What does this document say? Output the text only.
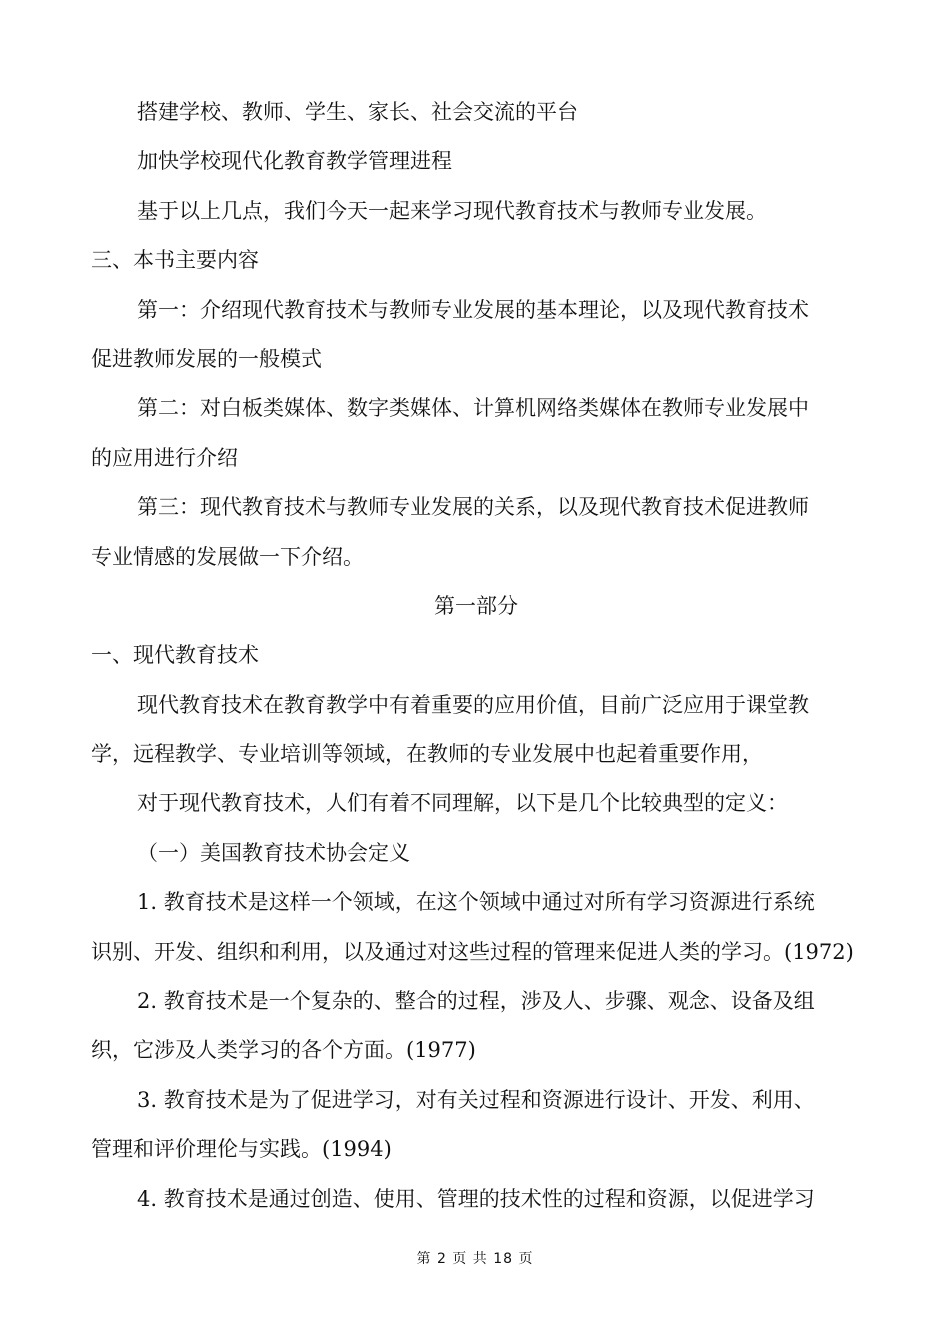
搭建学校、教师、学生、家长、社会交流的平台
加快学校现代化教育教学管理进程
基于以上几点，我们今天一起来学习现代教育技术与教师专业发展。
三、本书主要内容
第一：介绍现代教育技术与教师专业发展的基本理论，以及现代教育技术
促进教师发展的一般模式
第二：对白板类媒体、数字类媒体、计算机网络类媒体在教师专业发展中
的应用进行介绍
第三：现代教育技术与教师专业发展的关系，以及现代教育技术促进教师
专业情感的发展做一下介绍。
第一部分
一、现代教育技术
现代教育技术在教育教学中有着重要的应用价值，目前广泛应用于课堂教
学，远程教学、专业培训等领域，在教师的专业发展中也起着重要作用，
对于现代教育技术，人们有着不同理解，以下是几个比较典型的定义：
（一）美国教育技术协会定义
1. 教育技术是这样一个领域，在这个领域中通过对所有学习资源进行系统
识别、开发、组织和利用，以及通过对这些过程的管理来促进人类的学习。(1972)
2. 教育技术是一个复杂的、整合的过程，涉及人、步骤、观念、设备及组
织，它涉及人类学习的各个方面。(1977)
3. 教育技术是为了促进学习，对有关过程和资源进行设计、开发、利用、
管理和评价理伦与实践。(1994)
4. 教育技术是通过创造、使用、管理的技术性的过程和资源，以促进学习
第 2 页 共 18 页
